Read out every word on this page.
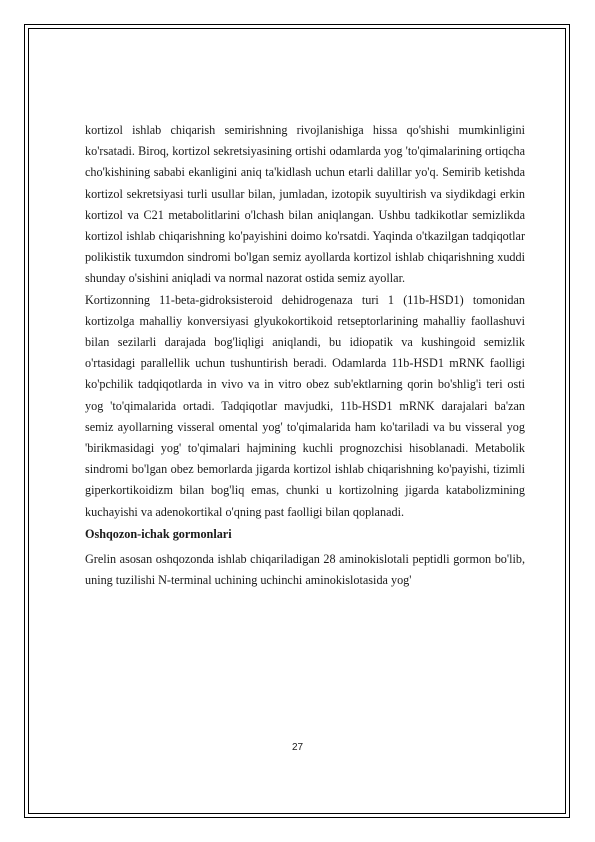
kortizol ishlab chiqarish semirishning rivojlanishiga hissa qo'shishi mumkinligini ko'rsatadi. Biroq, kortizol sekretsiyasining ortishi odamlarda yog 'to'qimalarining ortiqcha cho'kishining sababi ekanligini aniq ta'kidlash uchun etarli dalillar yo'q. Semirib ketishda kortizol sekretsiyasi turli usullar bilan, jumladan, izotopik suyultirish va siydikdagi erkin kortizol va C21 metabolitlarini o'lchash bilan aniqlangan. Ushbu tadkikotlar semizlikda kortizol ishlab chiqarishning ko'payishini doimo ko'rsatdi. Yaqinda o'tkazilgan tadqiqotlar polikistik tuxumdon sindromi bo'lgan semiz ayollarda kortizol ishlab chiqarishning xuddi shunday o'sishini aniqladi va normal nazorat ostida semiz ayollar.

Kortizonning 11-beta-gidroksisteroid dehidrogenaza turi 1 (11b-HSD1) tomonidan kortizolga mahalliy konversiyasi glyukokortikoid retseptorlarining mahalliy faollashuvi bilan sezilarli darajada bog'liqligi aniqlandi, bu idiopatik va kushingoid semizlik o'rtasidagi parallellik uchun tushuntirish beradi. Odamlarda 11b-HSD1 mRNK faolligi ko'pchilik tadqiqotlarda in vivo va in vitro obez sub'ektlarning qorin bo'shlig'i teri osti yog 'to'qimalarida ortadi. Tadqiqotlar mavjudki, 11b-HSD1 mRNK darajalari ba'zan semiz ayollarning visseral omental yog' to'qimalarida ham ko'tariladi va bu visseral yog 'birikmasidagi yog' to'qimalari hajmining kuchli prognozchisi hisoblanadi. Metabolik sindromi bo'lgan obez bemorlarda jigarda kortizol ishlab chiqarishning ko'payishi, tizimli giperkortikoidizm bilan bog'liq emas, chunki u kortizolning jigarda katabolizmining kuchayishi va adenokortikal o'qning past faolligi bilan qoplanadi.

Oshqozon-ichak gormonlari

Grelin asosan oshqozonda ishlab chiqariladigan 28 aminokislotali peptidli gormon bo'lib, uning tuzilishi N-terminal uchining uchinchi aminokislotasida yog'

27
